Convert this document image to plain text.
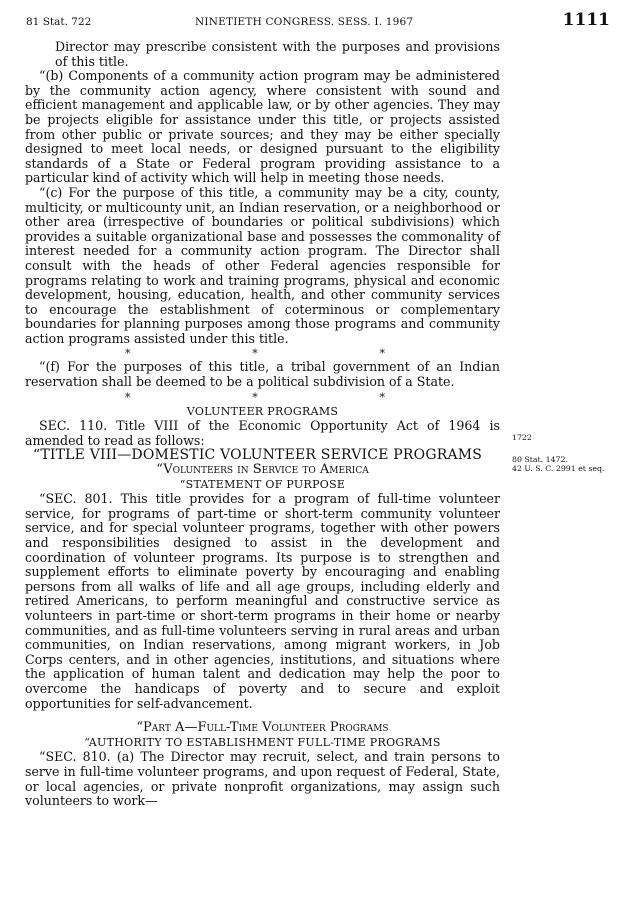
81 Stat. 722	NINETIETH CONGRESS. SESS. I. 1967	1111

Director may prescribe consistent with the purposes and provisions of this title.

“(b) Components of a community action program may be administered by the community action agency, where consistent with sound and efficient management and applicable law, or by other agencies. They may be projects eligible for assistance under this title, or projects assisted from other public or private sources; and they may be either specially designed to meet local needs, or designed pursuant to the eligibility standards of a State or Federal program providing assistance to a particular kind of activity which will help in meeting those needs.

“(c) For the purpose of this title, a community may be a city, county, multicity, or multicounty unit, an Indian reservation, or a neighborhood or other area (irrespective of boundaries or political subdivisions) which provides a suitable organizational base and possesses the commonality of interest needed for a community action program. The Director shall consult with the heads of other Federal agencies responsible for programs relating to work and training programs, physical and economic development, housing, education, health, and other community services to encourage the establishment of coterminous or complementary boundaries for planning purposes among those programs and community action programs assisted under this title.

*	*	*

“(f) For the purposes of this title, a tribal government of an Indian reservation shall be deemed to be a political subdivision of a State.

*	*	*

VOLUNTEER PROGRAMS

SEC. 110. Title VIII of the Economic Opportunity Act of 1964 is amended to read as follows:

“TITLE VIII—DOMESTIC VOLUNTEER SERVICE PROGRAMS

“Volunteers in Service to America

“STATEMENT OF PURPOSE

“SEC. 801. This title provides for a program of full-time volunteer service, for programs of part-time or short-term community volunteer service, and for special volunteer programs, together with other powers and responsibilities designed to assist in the development and coordination of volunteer programs. Its purpose is to strengthen and supplement efforts to eliminate poverty by encouraging and enabling persons from all walks of life and all age groups, including elderly and retired Americans, to perform meaningful and constructive service as volunteers in part-time or short-term programs in their home or nearby communities, and as full-time volunteers serving in rural areas and urban communities, on Indian reservations, among migrant workers, in Job Corps centers, and in other agencies, institutions, and situations where the application of human talent and dedication may help the poor to overcome the handicaps of poverty and to secure and exploit opportunities for self-advancement.

“Part A—Full-Time Volunteer Programs

“AUTHORITY TO ESTABLISHMENT FULL-TIME PROGRAMS

“SEC. 810. (a) The Director may recruit, select, and train persons to serve in full-time volunteer programs, and upon request of Federal, State, or local agencies, or private nonprofit organizations, may assign such volunteers to work—

1722
80 Stat. 1472.
42 U. S. C. 2991 et seq.
